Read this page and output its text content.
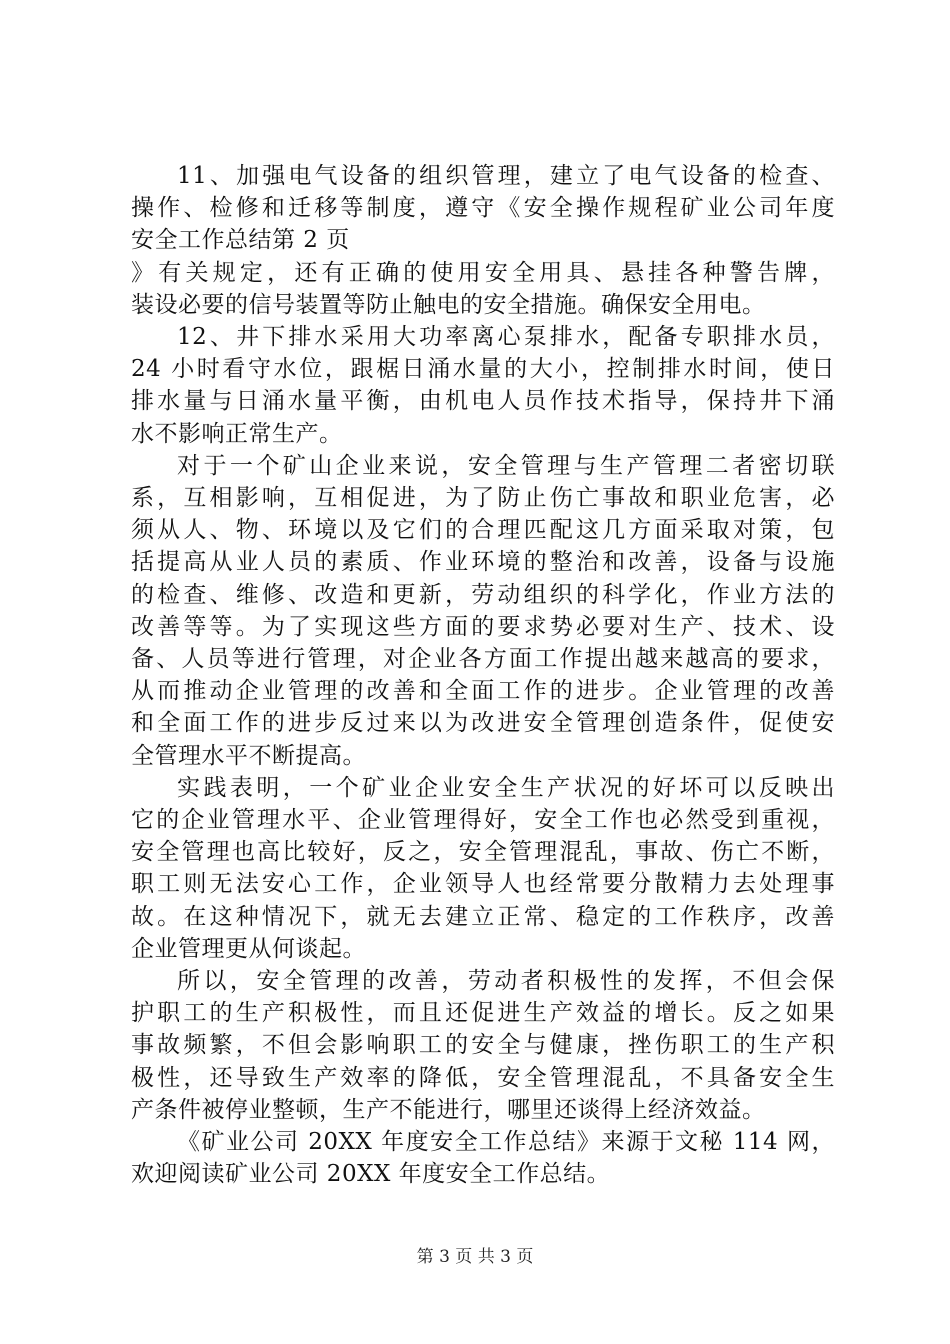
11、加强电气设备的组织管理，建立了电气设备的检查、
操作、检修和迁移等制度，遵守《安全操作规程矿业公司年度
安全工作总结第 2 页

》有关规定，还有正确的使用安全用具、悬挂各种警告牌，
装设必要的信号装置等防止触电的安全措施。确保安全用电。

12、井下排水采用大功率离心泵排水，配备专职排水员，
24 小时看守水位，跟椐日涌水量的大小，控制排水时间，使日
排水量与日涌水量平衡，由机电人员作技术指导，保持井下涌
水不影响正常生产。

对于一个矿山企业来说，安全管理与生产管理二者密切联
系，互相影响，互相促进，为了防止伤亡事故和职业危害，必
须从人、物、环境以及它们的合理匹配这几方面采取对策，包
括提高从业人员的素质、作业环境的整治和改善，设备与设施
的检查、维修、改造和更新，劳动组织的科学化，作业方法的
改善等等。为了实现这些方面的要求势必要对生产、技术、设
备、人员等进行管理，对企业各方面工作提出越来越高的要求，
从而推动企业管理的改善和全面工作的进步。企业管理的改善
和全面工作的进步反过来以为改进安全管理创造条件，促使安
全管理水平不断提高。

实践表明，一个矿业企业安全生产状况的好坏可以反映出
它的企业管理水平、企业管理得好，安全工作也必然受到重视，
安全管理也高比较好，反之，安全管理混乱，事故、伤亡不断，
职工则无法安心工作，企业领导人也经常要分散精力去处理事
故。在这种情况下，就无去建立正常、稳定的工作秩序，改善
企业管理更从何谈起。

所以，安全管理的改善，劳动者积极性的发挥，不但会保
护职工的生产积极性，而且还促进生产效益的增长。反之如果
事故频繁，不但会影响职工的安全与健康，挫伤职工的生产积
极性，还导致生产效率的降低，安全管理混乱，不具备安全生
产条件被停业整顿，生产不能进行，哪里还谈得上经济效益。

《矿业公司 20XX 年度安全工作总结》来源于文秘 114 网，
欢迎阅读矿业公司 20XX 年度安全工作总结。

第 3 页 共 3 页
